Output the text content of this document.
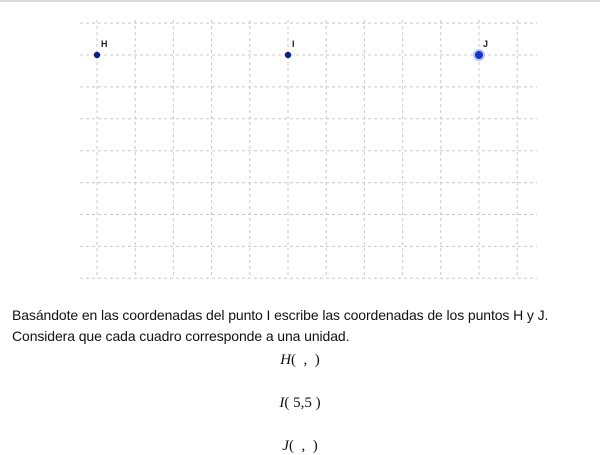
H	I	J
Basándote en las coordenadas del punto I escribe las coordenadas de los puntos H y J.
Considera que cada cuadro corresponde a una unidad.
H(  ,  )
I( 5,5 )
J(  ,  )
